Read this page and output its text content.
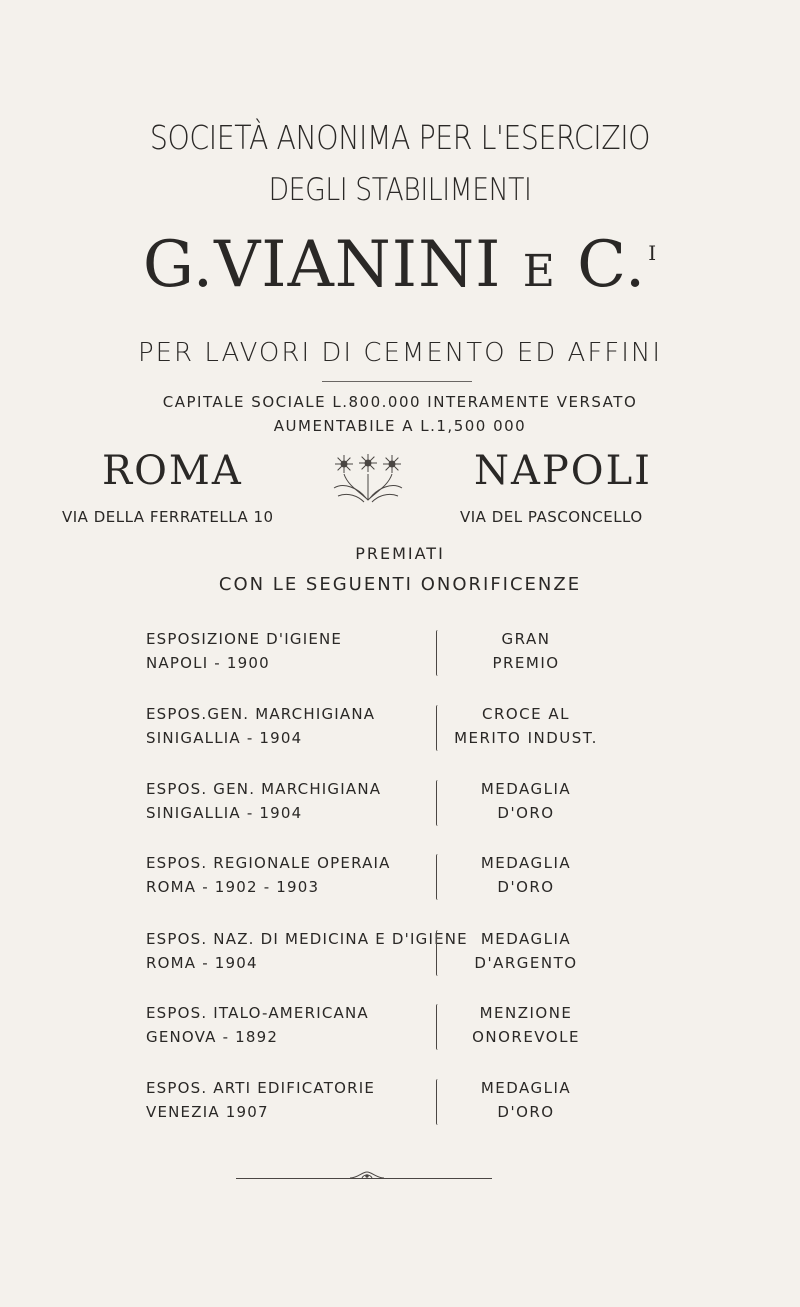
SOCIETÀ ANONIMA PER L'ESERCIZIO
DEGLI STABILIMENTI
G.VIANINI E C. $^I$
PER LAVORI DI CEMENTO ED AFFINI
CAPITALE SOCIALE L.800.000 INTERAMENTE VERSATO
AUMENTABILE A L.1,500 000
ROMA	NAPOLI
VIA DELLA FERRATELLA 10	VIA DEL PASCONCELLO
PREMIATI
CON LE SEGUENTI ONORIFICENZE
ESPOSIZIONE D'IGIENE
NAPOLI - 1900
GRAN
PREMIO
ESPOS.GEN. MARCHIGIANA
SINIGALLIA - 1904
CROCE AL
MERITO INDUST.
ESPOS. GEN. MARCHIGIANA
SINIGALLIA - 1904
MEDAGLIA
D'ORO
ESPOS. REGIONALE OPERAIA
ROMA - 1902 - 1903
MEDAGLIA
D'ORO
ESPOS. NAZ. DI MEDICINA E D'IGIENE
ROMA - 1904
MEDAGLIA
D'ARGENTO
ESPOS. ITALO-AMERICANA
GENOVA - 1892
MENZIONE
ONOREVOLE
ESPOS. ARTI EDIFICATORIE
VENEZIA 1907
MEDAGLIA
D'ORO
